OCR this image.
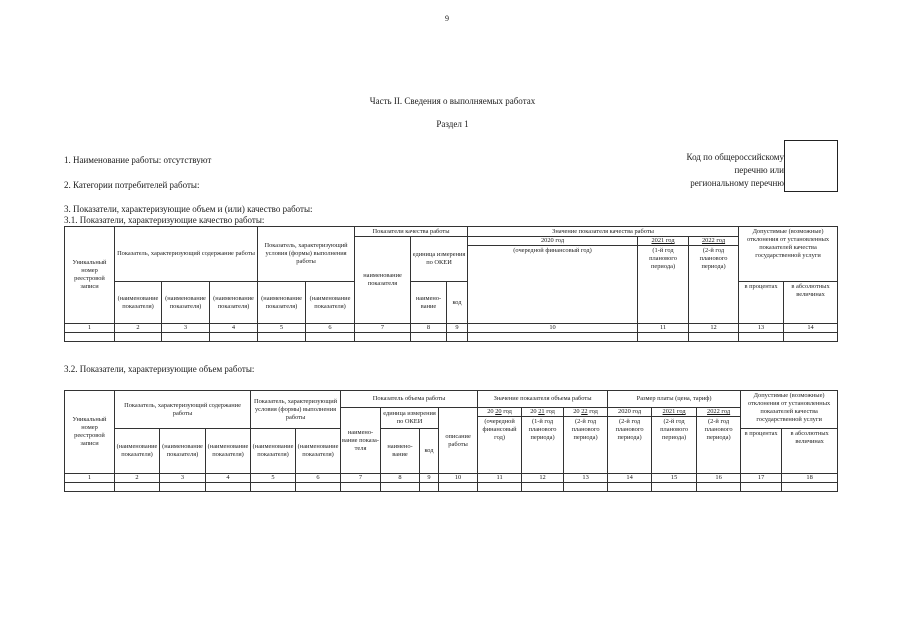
9
Часть II. Сведения о выполняемых работах
Раздел 1
1. Наименование работы: отсутствуют
2. Категории потребителей работы:
3. Показатели, характеризующие объем и (или) качество работы:
3.1. Показатели, характеризующие качество работы:
Код по общероссийскому
перечню или
региональному перечню
Уникальный номер реестровой записи	Показатель, характеризующий содержание работы			Показатель, характеризующий условия (формы) выполнения работы		Показатели качества работы			Значение показателя качества работы			Допустимые (возможные) отклонения от установленных показателей качества государственной услуги	
						наименование показателя	единица измерения по ОКЕИ		2020 год	2021 год	2022 год		
									(очередной финансовый год)	(1-й год планового периода)	(2-й год планового периода)		
	(наименование показателя)	(наименование показателя)	(наименование показателя)	(наименование показателя)	(наименование показателя)		наимено-вание	код				в процентах	в абсолютных величинах
1	2	3	4	5	6	7	8	9	10	11	12	13	14

3.2. Показатели, характеризующие объем работы:
Уникальный номер реестровой записи	Показатель, характеризующий содержание работы			Показатель, характеризующий условия (формы) выполнения работы		Показатель объема работы				Значение показателя объема работы			Размер платы (цена, тариф)			Допустимые (возможные) отклонения от установленных показателей качества государственной услуги	
						наимено-вание показа-теля	единица измерения по ОКЕИ		описание работы	20 20 год	20 21 год	20 22 год	2020 год	2021 год	2022 год		
										(очередной финансовый год)	(1-й год планового периода)	(2-й год планового периода)	(2-й год планового периода)	(2-й год планового периода)	(2-й год планового периода)		
	(наименование показателя)	(наименование показателя)	(наименование показателя)	(наименование показателя)	(наименование показателя)		наимено-вание	код								в процентах	в абсолютных величинах
1	2	3	4	5	6	7	8	9	10	11	12	13	14	15	16	17	18
